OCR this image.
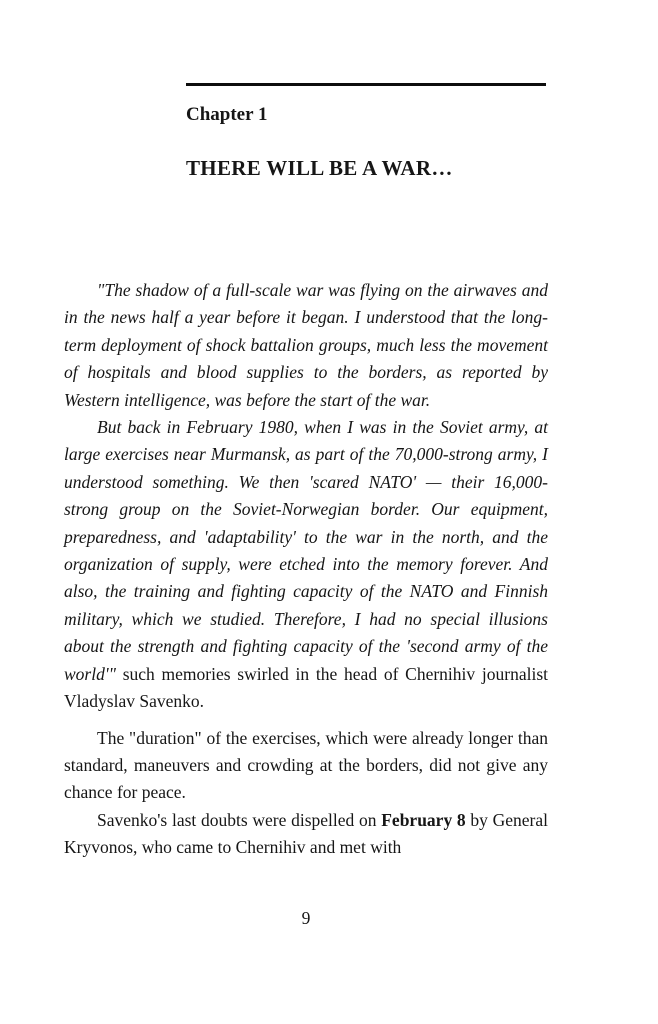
Chapter 1
THERE WILL BE A WAR…

"The shadow of a full-scale war was flying on the airwaves and in the news half a year before it began. I understood that the long-term deployment of shock battalion groups, much less the movement of hospitals and blood supplies to the borders, as reported by Western intelligence, was before the start of the war.

But back in February 1980, when I was in the Soviet army, at large exercises near Murmansk, as part of the 70,000-strong army, I understood something. We then 'scared NATO' — their 16,000-strong group on the Soviet-Norwegian border. Our equipment, preparedness, and 'adaptability' to the war in the north, and the organization of supply, were etched into the memory forever. And also, the training and fighting capacity of the NATO and Finnish military, which we studied. Therefore, I had no special illusions about the strength and fighting capacity of the 'second army of the world'" such memories swirled in the head of Chernihiv journalist Vladyslav Savenko.

The "duration" of the exercises, which were already longer than standard, maneuvers and crowding at the borders, did not give any chance for peace.

Savenko's last doubts were dispelled on February 8 by General Kryvonos, who came to Chernihiv and met with

9
